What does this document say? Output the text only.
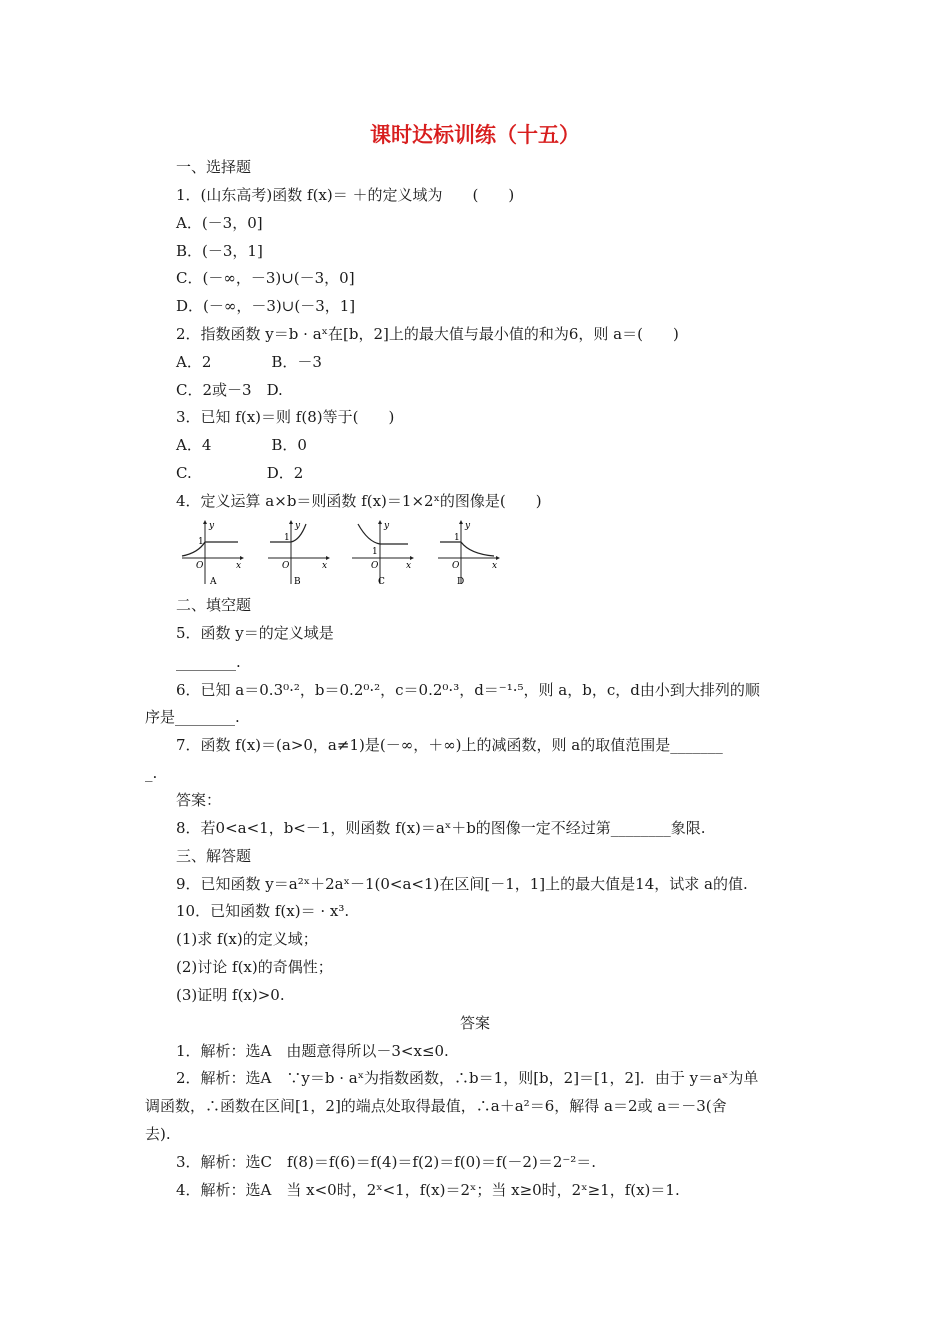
课时达标训练（十五）
一、选择题
1．(山东高考)函数 f(x)＝ ＋的定义域为　　(　　)
A．(－3，0]
B．(－3，1]
C．(－∞，－3)∪(－3，0]
D．(－∞，－3)∪(－3，1]
2．指数函数 y＝b · aˣ在[b，2]上的最大值与最小值的和为6，则 a＝(　　)
A．2　　　　B．－3
C．2或－3　D.
3．已知 f(x)＝则 f(8)等于(　　)
A．4　　　　B．0
C.　　　　　D．2
4．定义运算 a×b＝则函数 f(x)＝1×2ˣ的图像是(　　)
y
x
O
1
A
y
x
O
1
B
y
x
O
1
C
y
x
O
1
D
二、填空题
5．函数 y＝的定义域是
________.
6．已知 a＝0.3⁰·²，b＝0.2⁰·²，c＝0.2⁰·³，d＝⁻¹·⁵，则 a，b，c，d由小到大排列的顺
序是________.
7．函数 f(x)＝(a>0，a≠1)是(－∞，＋∞)上的减函数，则 a的取值范围是_______
_.
答案：
8．若0<a<1，b<－1，则函数 f(x)＝aˣ＋b的图像一定不经过第________象限.
三、解答题
9．已知函数 y＝a²ˣ＋2aˣ－1(0<a<1)在区间[－1，1]上的最大值是14，试求 a的值.
10．已知函数 f(x)＝ · x³.
(1)求 f(x)的定义域；
(2)讨论 f(x)的奇偶性；
(3)证明 f(x)>0.
答案
1．解析：选A　由题意得所以－3<x≤0.
2．解析：选A　∵y＝b · aˣ为指数函数，∴b＝1，则[b，2]＝[1，2]．由于 y＝aˣ为单
调函数，∴函数在区间[1，2]的端点处取得最值，∴a＋a²＝6，解得 a＝2或 a＝－3(舍
去).
3．解析：选C　f(8)＝f(6)＝f(4)＝f(2)＝f(0)＝f(－2)＝2⁻²＝.
4．解析：选A　当 x<0时，2ˣ<1，f(x)＝2ˣ；当 x≥0时，2ˣ≥1，f(x)＝1.
